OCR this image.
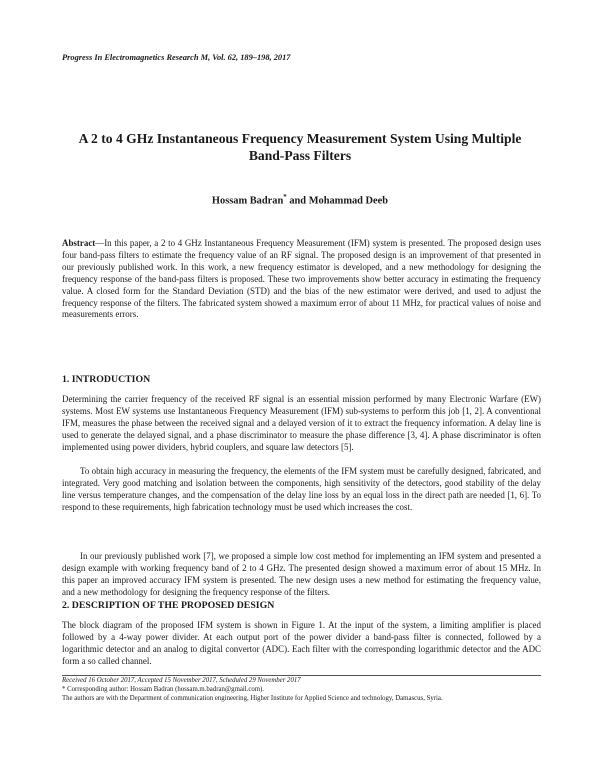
Progress In Electromagnetics Research M, Vol. 62, 189–198, 2017
A 2 to 4 GHz Instantaneous Frequency Measurement System Using Multiple Band-Pass Filters
Hossam Badran* and Mohammad Deeb
Abstract—In this paper, a 2 to 4 GHz Instantaneous Frequency Measurement (IFM) system is presented. The proposed design uses four band-pass filters to estimate the frequency value of an RF signal. The proposed design is an improvement of that presented in our previously published work. In this work, a new frequency estimator is developed, and a new methodology for designing the frequency response of the band-pass filters is proposed. These two improvements show better accuracy in estimating the frequency value. A closed form for the Standard Deviation (STD) and the bias of the new estimator were derived, and used to adjust the frequency response of the filters. The fabricated system showed a maximum error of about 11 MHz, for practical values of noise and measurements errors.
1. INTRODUCTION
Determining the carrier frequency of the received RF signal is an essential mission performed by many Electronic Warfare (EW) systems. Most EW systems use Instantaneous Frequency Measurement (IFM) sub-systems to perform this job [1, 2]. A conventional IFM, measures the phase between the received signal and a delayed version of it to extract the frequency information. A delay line is used to generate the delayed signal, and a phase discriminator to measure the phase difference [3, 4]. A phase discriminator is often implemented using power dividers, hybrid couplers, and square law detectors [5].
To obtain high accuracy in measuring the frequency, the elements of the IFM system must be carefully designed, fabricated, and integrated. Very good matching and isolation between the components, high sensitivity of the detectors, good stability of the delay line versus temperature changes, and the compensation of the delay line loss by an equal loss in the direct path are needed [1, 6]. To respond to these requirements, high fabrication technology must be used which increases the cost.
In our previously published work [7], we proposed a simple low cost method for implementing an IFM system and presented a design example with working frequency band of 2 to 4 GHz. The presented design showed a maximum error of about 15 MHz. In this paper an improved accuracy IFM system is presented. The new design uses a new method for estimating the frequency value, and a new methodology for designing the frequency response of the filters.
2. DESCRIPTION OF THE PROPOSED DESIGN
The block diagram of the proposed IFM system is shown in Figure 1. At the input of the system, a limiting amplifier is placed followed by a 4-way power divider. At each output port of the power divider a band-pass filter is connected, followed by a logarithmic detector and an analog to digital convertor (ADC). Each filter with the corresponding logarithmic detector and the ADC form a so called channel.
Received 16 October 2017, Accepted 15 November 2017, Scheduled 29 November 2017
* Corresponding author: Hossam Badran (hossam.m.badran@gmail.com).
The authors are with the Department of communication engineering, Higher Institute for Applied Science and technology, Damascus, Syria.
